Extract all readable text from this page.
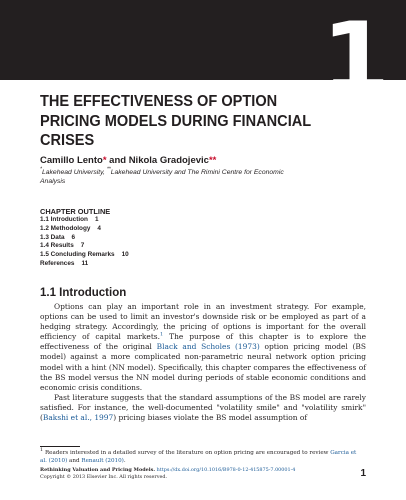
1
THE EFFECTIVENESS OF OPTION PRICING MODELS DURING FINANCIAL CRISES
Camillo Lento* and Nikola Gradojevic**
*Lakehead University, **Lakehead University and The Rimini Centre for Economic Analysis
CHAPTER OUTLINE
1.1 Introduction 1
1.2 Methodology 4
1.3 Data 6
1.4 Results 7
1.5 Concluding Remarks 10
References 11
1.1 Introduction

Options can play an important role in an investment strategy. For example, options can be used to limit an investor's downside risk or be employed as part of a hedging strategy. Accordingly, the pricing of options is important for the overall efficiency of capital markets.$^1$ The purpose of this chapter is to explore the effectiveness of the original Black and Scholes (1973) option pricing model (BS model) against a more complicated non-parametric neural network option pricing model with a hint (NN model). Specifically, this chapter compares the effectiveness of the BS model versus the NN model during periods of stable economic conditions and economic crisis conditions.

Past literature suggests that the standard assumptions of the BS model are rarely satisfied. For instance, the well-documented "volatility smile" and "volatility smirk" (Bakshi et al., 1997) pricing biases violate the BS model assumption of

1 Readers interested in a detailed survey of the literature on option pricing are encouraged to review Garcia et al. (2010) and Renault (2010).
Rethinking Valuation and Pricing Models. https://dx.doi.org/10.1016/B978-0-12-415875-7.00001-4
Copyright © 2013 Elsevier Inc. All rights reserved.	1
